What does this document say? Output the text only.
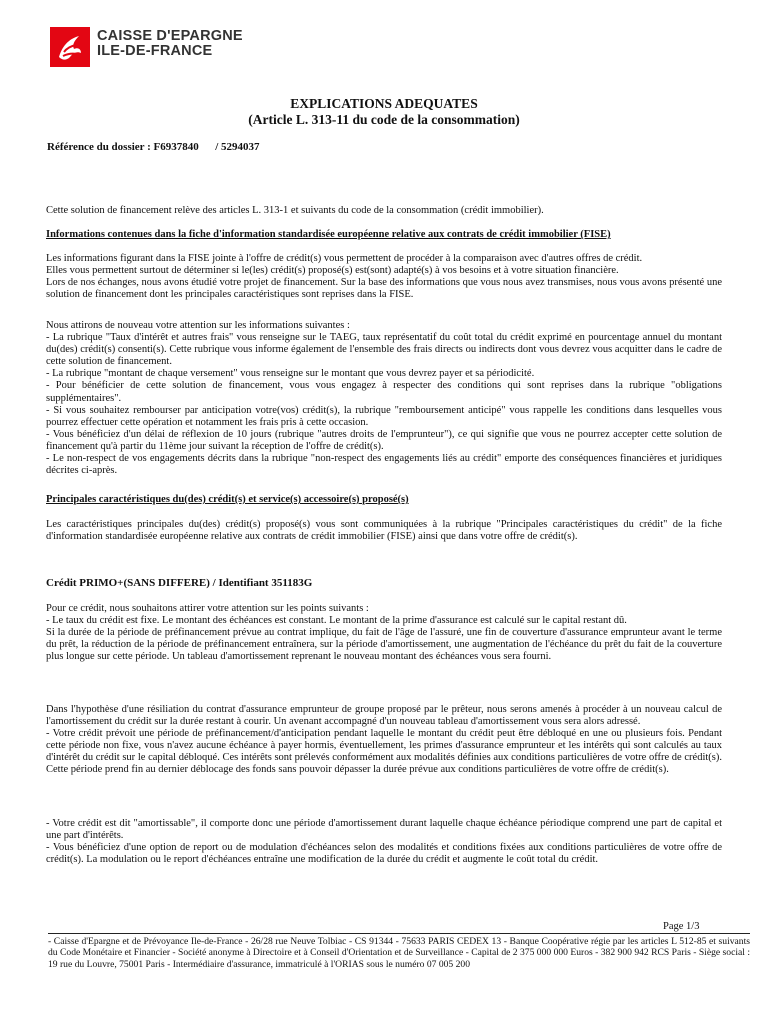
CAISSE D'EPARGNE
ILE-DE-FRANCE
EXPLICATIONS ADEQUATES
(Article L. 313-11 du code de la consommation)
Référence du dossier : F6937840      / 5294037
Cette solution de financement relève des articles L. 313-1 et suivants du code de la consommation (crédit immobilier).
Informations contenues dans la fiche d'information standardisée européenne relative aux contrats de crédit immobilier (FISE)
Les informations figurant dans la FISE jointe à l'offre de crédit(s) vous permettent de procéder à la comparaison avec d'autres offres de crédit.
Elles vous permettent surtout de déterminer si le(les) crédit(s) proposé(s) est(sont) adapté(s) à vos besoins et à votre situation financière.
Lors de nos échanges, nous avons étudié votre projet de financement. Sur la base des informations que vous nous avez transmises, nous vous avons présenté une solution de financement dont les principales caractéristiques sont reprises dans la FISE.
Nous attirons de nouveau votre attention sur les informations suivantes :
- La rubrique "Taux d'intérêt et autres frais" vous renseigne sur le TAEG, taux représentatif du coût total du crédit exprimé en pourcentage annuel du montant du(des) crédit(s) consenti(s). Cette rubrique vous informe également de l'ensemble des frais directs ou indirects dont vous devrez vous acquitter dans le cadre de cette solution de financement.
- La rubrique "montant de chaque versement" vous renseigne sur le montant que vous devrez payer et sa périodicité.
- Pour bénéficier de cette solution de financement, vous vous engagez à respecter des conditions qui sont reprises dans la rubrique "obligations supplémentaires".
- Si vous souhaitez rembourser par anticipation votre(vos) crédit(s), la rubrique "remboursement anticipé" vous rappelle les conditions dans lesquelles vous pourrez effectuer cette opération et notamment les frais pris à cette occasion.
- Vous bénéficiez d'un délai de réflexion de 10 jours (rubrique "autres droits de l'emprunteur"), ce qui signifie que vous ne pourrez accepter cette solution de financement qu'à partir du 11ème jour suivant la réception de l'offre de crédit(s).
- Le non-respect de vos engagements décrits dans la rubrique "non-respect des engagements liés au crédit" emporte des conséquences financières et juridiques décrites ci-après.
Principales caractéristiques du(des) crédit(s) et service(s) accessoire(s) proposé(s)
Les caractéristiques principales du(des) crédit(s) proposé(s) vous sont communiquées à la rubrique "Principales caractéristiques du crédit" de la fiche d'information standardisée européenne relative aux contrats de crédit immobilier (FISE) ainsi que dans votre offre de crédit(s).
Crédit PRIMO+(SANS DIFFERE) / Identifiant 351183G
Pour ce crédit, nous souhaitons attirer votre attention sur les points suivants :
- Le taux du crédit est fixe. Le montant des échéances est constant. Le montant de la prime d'assurance est calculé sur le capital restant dû.
Si la durée de la période de préfinancement prévue au contrat implique, du fait de l'âge de l'assuré, une fin de couverture d'assurance emprunteur avant le terme du prêt, la réduction de la période de préfinancement entraînera, sur la période d'amortissement, une augmentation de l'échéance du prêt du fait de la couverture plus longue sur cette période. Un tableau d'amortissement reprenant le nouveau montant des échéances vous sera fourni.
Dans l'hypothèse d'une résiliation du contrat d'assurance emprunteur de groupe proposé par le prêteur, nous serons amenés à procéder à un nouveau calcul de l'amortissement du crédit sur la durée restant à courir. Un avenant accompagné d'un nouveau tableau d'amortissement vous sera alors adressé.
- Votre crédit prévoit une période de préfinancement/d'anticipation pendant laquelle le montant du crédit peut être débloqué en une ou plusieurs fois. Pendant cette période non fixe, vous n'avez aucune échéance à payer hormis, éventuellement, les primes d'assurance emprunteur et les intérêts qui sont calculés au taux d'intérêt du crédit sur le capital débloqué. Ces intérêts sont prélevés conformément aux modalités définies aux conditions particulières de votre offre de crédit(s). Cette période prend fin au dernier déblocage des fonds sans pouvoir dépasser la durée prévue aux conditions particulières de votre offre de crédit(s).
- Votre crédit est dit "amortissable", il comporte donc une période d'amortissement durant laquelle chaque échéance périodique comprend une part de capital et une part d'intérêts.
- Vous bénéficiez d'une option de report ou de modulation d'échéances selon des modalités et conditions fixées aux conditions particulières de votre offre de crédit(s). La modulation ou le report d'échéances entraîne une modification de la durée du crédit et augmente le coût total du crédit.
Page 1/3
- Caisse d'Epargne et de Prévoyance Ile-de-France - 26/28 rue Neuve Tolbiac - CS 91344 - 75633 PARIS CEDEX 13 - Banque Coopérative régie par les articles L 512-85 et suivants du Code Monétaire et Financier - Société anonyme à Directoire et à Conseil d'Orientation et de Surveillance - Capital de 2 375 000 000 Euros - 382 900 942 RCS Paris - Siège social : 19 rue du Louvre, 75001 Paris - Intermédiaire d'assurance, immatriculé à l'ORIAS sous le numéro 07 005 200
